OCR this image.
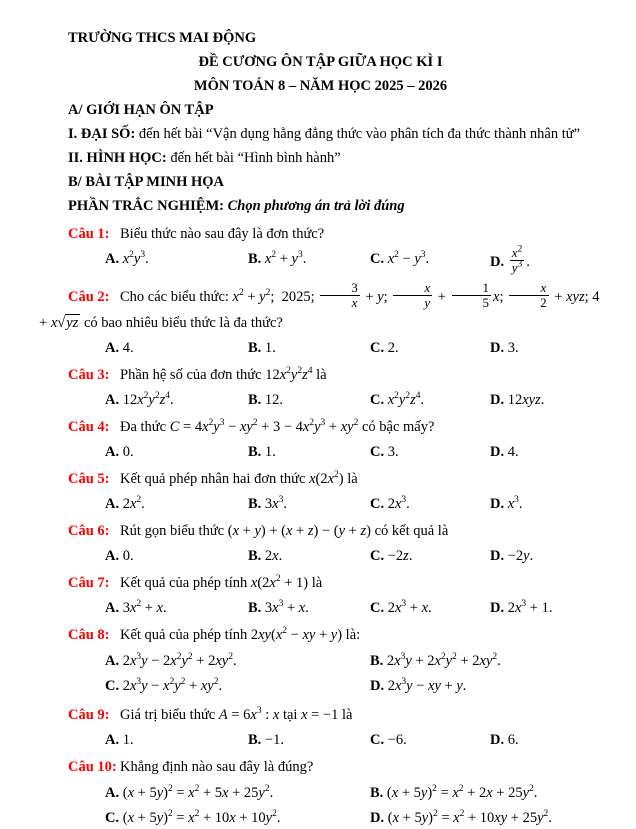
TRƯỜNG THCS MAI ĐỘNG

ĐỀ CƯƠNG ÔN TẬP GIỮA HỌC KÌ I

MÔN TOÁN 8 – NĂM HỌC 2025 – 2026

A/ GIỚI HẠN ÔN TẬP

I. ĐẠI SỐ: đến hết bài “Vận dụng hằng đẳng thức vào phân tích đa thức thành nhân tử”

II. HÌNH HỌC: đến hết bài “Hình bình hành”

B/ BÀI TẬP MINH HỌA

PHẦN TRẮC NGHIỆM: Chọn phương án trả lời đúng

Câu 1: Biểu thức nào sau đây là đơn thức?

A. $x^2y^3$.	B. $x^2 + y^3$.	C. $x^2 - y^3$.	D. $\frac{x^2}{y^3}$ .

Câu 2: Cho các biểu thức: $x^2 + y^2$;  2025; $\frac{3}{x} + y$; $\frac{x}{y} + \frac{1}{5} x$; $\frac{x}{2}$ + xyz; 4 + x√yz có bao nhiêu biểu thức là đa thức?

A. 4.	B. 1.	C. 2.	D. 3.

Câu 3: Phần hệ số của đơn thức $12x^2y^2z^4$ là

A. $12x^2y^2z^4$.	B. 12.	C. $x^2y^2z^4$.	D. 12xyz.

Câu 4: Đa thức $C = 4x^2y^3 - xy^2 + 3 - 4x^2y^3 + xy^2$ có bậc mấy?

A. 0.	B. 1.	C. 3.	D. 4.

Câu 5: Kết quả phép nhân hai đơn thức $x(2x^2)$ là

A. $2x^2$.	B. $3x^3$.	C. $2x^3$.	D. $x^3$.

Câu 6: Rút gọn biểu thức (x + y) + (x + z) − (y + z) có kết quả là

A. 0.	B. 2x.	C. −2z.	D. −2y.

Câu 7: Kết quả của phép tính $x(2x^2 + 1)$ là

A. $3x^2 + x$.	B. $3x^3 + x$.	C. $2x^3 + x$.	D. $2x^3 + 1$.

Câu 8: Kết quả của phép tính $2xy(x^2$ − xy + y) là:

A. $2x^3y - 2x^2y^2 + 2xy^2$.	B. $2x^3y + 2x^2y^2 + 2xy^2$.
C. $2x^3y - x^2y^2 + xy^2$.	D. $2x^3y$ − xy + y.

Câu 9: Giá trị biểu thức $A = 6x^3$ : x tại x = −1 là

A. 1.	B. −1.	C. −6.	D. 6.

Câu 10: Khẳng định nào sau đây là đúng?

A. $(x + 5y)^2 = x^2 + 5x + 25y^2$.	B. $(x + 5y)^2 = x^2 + 2x + 25y^2$.
C. $(x + 5y)^2 = x^2 + 10x + 10y^2$.	D. $(x + 5y)^2 = x^2 + 10xy + 25y^2$.
